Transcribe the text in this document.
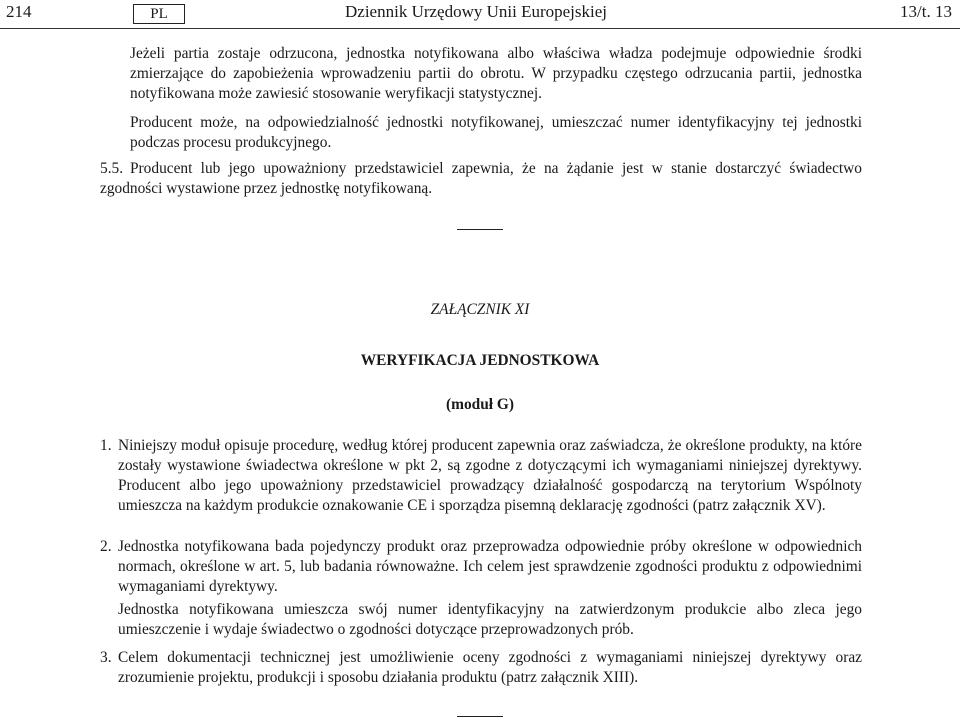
214	PL	Dziennik Urzędowy Unii Europejskiej	13/t. 13

Jeżeli partia zostaje odrzucona, jednostka notyfikowana albo właściwa władza podejmuje odpowiednie środki zmierzające do zapobieżenia wprowadzeniu partii do obrotu. W przypadku częstego odrzucania partii, jednostka notyfikowana może zawiesić stosowanie weryfikacji statystycznej.

Producent może, na odpowiedzialność jednostki notyfikowanej, umieszczać numer identyfikacyjny tej jednostki podczas procesu produkcyjnego.

5.5. Producent lub jego upoważniony przedstawiciel zapewnia, że na żądanie jest w stanie dostarczyć świadectwo zgodności wystawione przez jednostkę notyfikowaną.

ZAŁĄCZNIK XI
WERYFIKACJA JEDNOSTKOWA
(moduł G)
1. Niniejszy moduł opisuje procedurę, według której producent zapewnia oraz zaświadcza, że określone produkty, na które zostały wystawione świadectwa określone w pkt 2, są zgodne z dotyczącymi ich wymaganiami niniejszej dyrektywy. Producent albo jego upoważniony przedstawiciel prowadzący działalność gospodarczą na terytorium Wspólnoty umieszcza na każdym produkcie oznakowanie CE i sporządza pisemną deklarację zgodności (patrz załącznik XV).
2. Jednostka notyfikowana bada pojedynczy produkt oraz przeprowadza odpowiednie próby określone w odpowiednich normach, określone w art. 5, lub badania równoważne. Ich celem jest sprawdzenie zgodności produktu z odpowiednimi wymaganiami dyrektywy.

Jednostka notyfikowana umieszcza swój numer identyfikacyjny na zatwierdzonym produkcie albo zleca jego umieszczenie i wydaje świadectwo o zgodności dotyczące przeprowadzonych prób.

3. Celem dokumentacji technicznej jest umożliwienie oceny zgodności z wymaganiami niniejszej dyrektywy oraz zrozumienie projektu, produkcji i sposobu działania produktu (patrz załącznik XIII).
